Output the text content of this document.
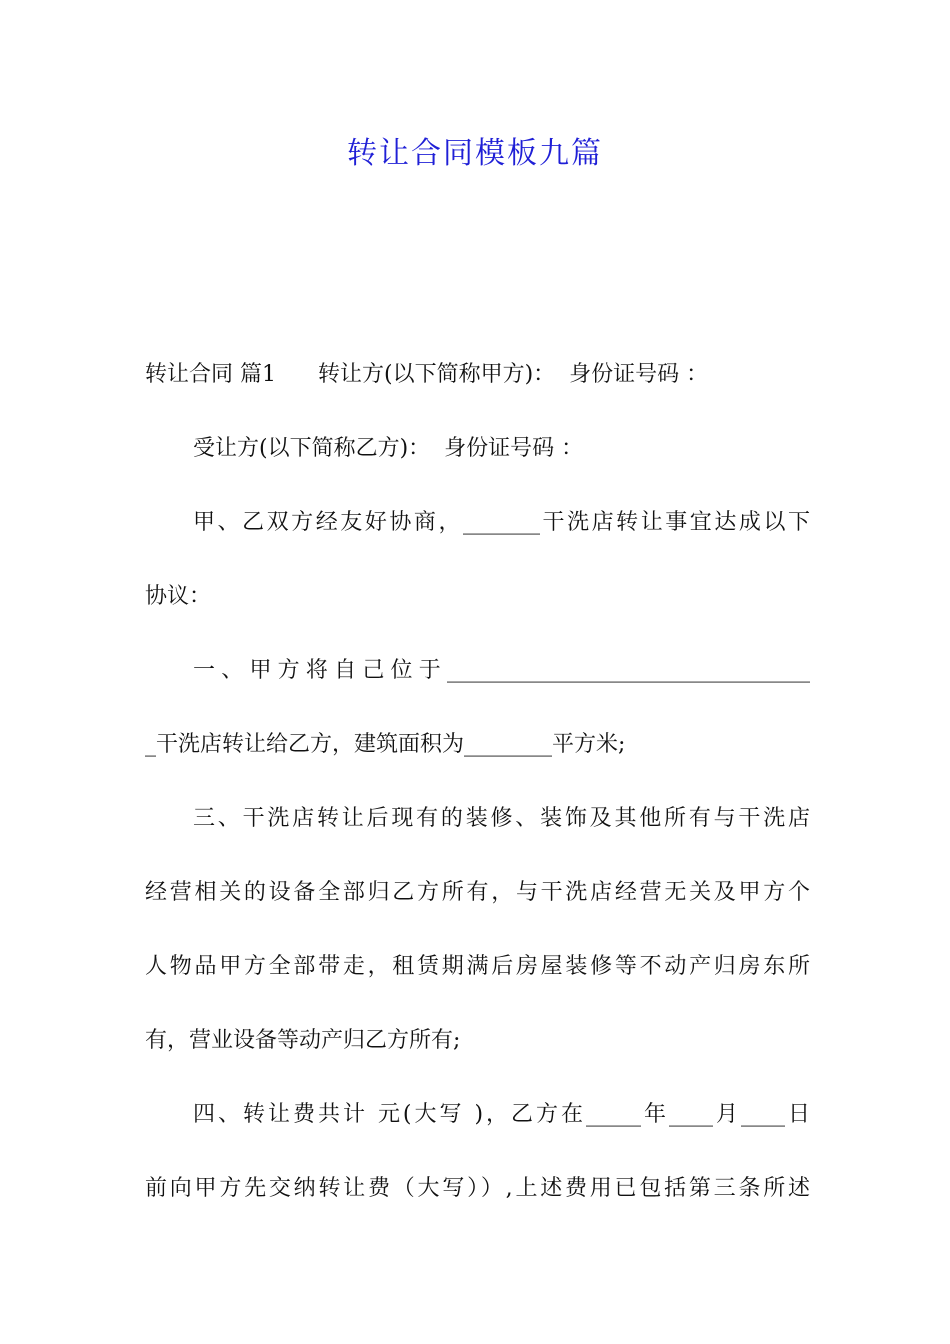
转让合同模板九篇
转让合同 篇1 转让方(以下简称甲方)： 身份证号码 ：
受让方(以下简称乙方)： 身份证号码 ：
甲、乙双方经友好协商，_______干洗店转让事宜达成以下
协议：
一、甲方将自己位于_________________________________
_干洗店转让给乙方，建筑面积为________平方米;
三、干洗店转让后现有的装修、装饰及其他所有与干洗店
经营相关的设备全部归乙方所有，与干洗店经营无关及甲方个
人物品甲方全部带走，租赁期满后房屋装修等不动产归房东所
有，营业设备等动产归乙方所有;
四、转让费共计 元(大写 )，乙方在_____年____月____日
前向甲方先交纳转让费（大写））,上述费用已包括第三条所述
